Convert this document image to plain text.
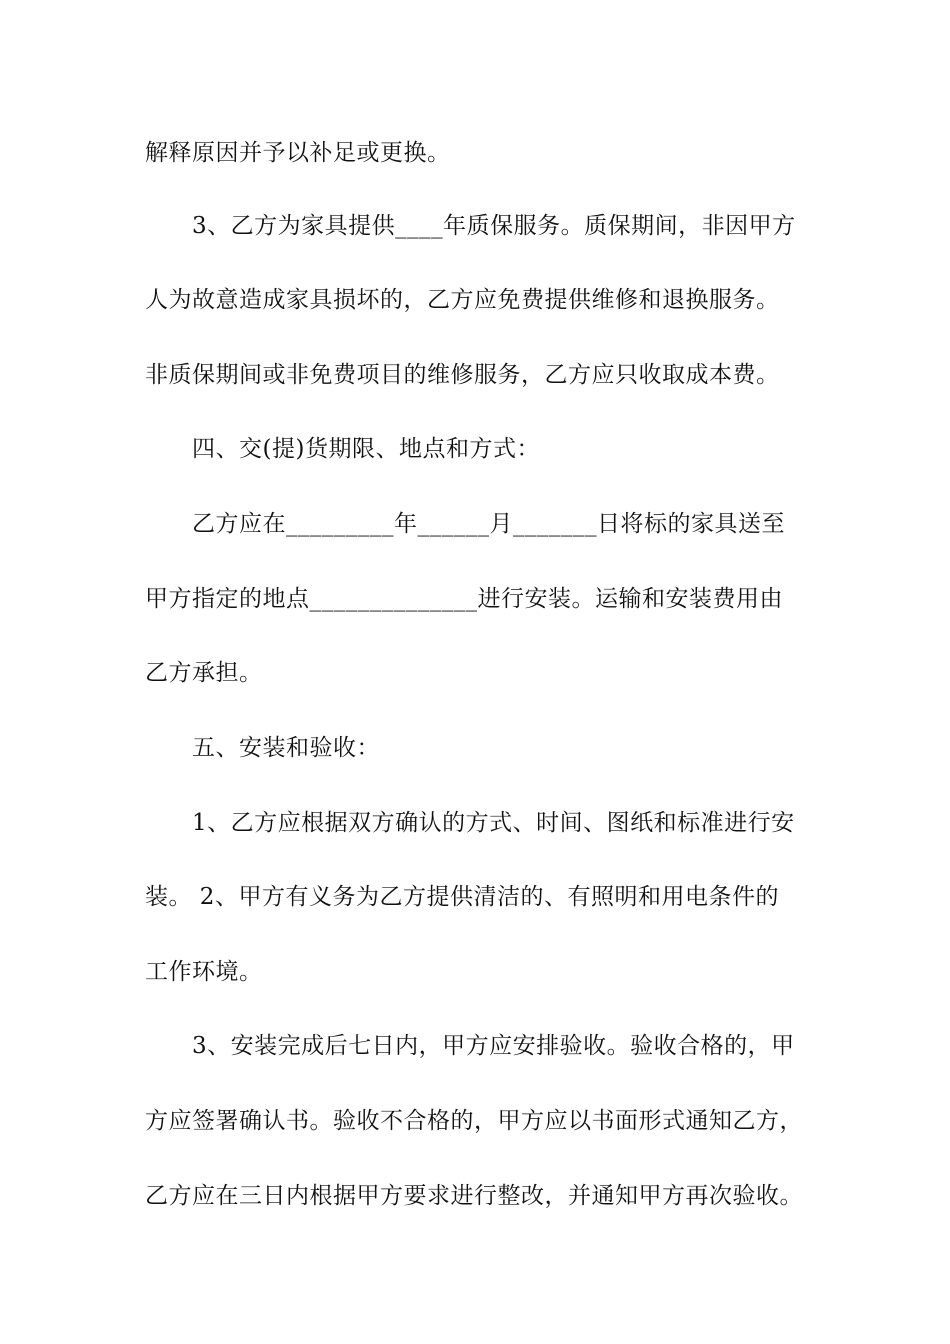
解释原因并予以补足或更换。
　　3、乙方为家具提供____年质保服务。质保期间，非因甲方
人为故意造成家具损坏的，乙方应免费提供维修和退换服务。
非质保期间或非免费项目的维修服务，乙方应只收取成本费。
　　四、交(提)货期限、地点和方式：
　　乙方应在_________年______月_______日将标的家具送至
甲方指定的地点______________进行安装。运输和安装费用由
乙方承担。
　　五、安装和验收：
　　1、乙方应根据双方确认的方式、时间、图纸和标准进行安
装。 2、甲方有义务为乙方提供清洁的、有照明和用电条件的
工作环境。
　　3、安装完成后七日内，甲方应安排验收。验收合格的，甲
方应签署确认书。验收不合格的，甲方应以书面形式通知乙方，
乙方应在三日内根据甲方要求进行整改，并通知甲方再次验收。
